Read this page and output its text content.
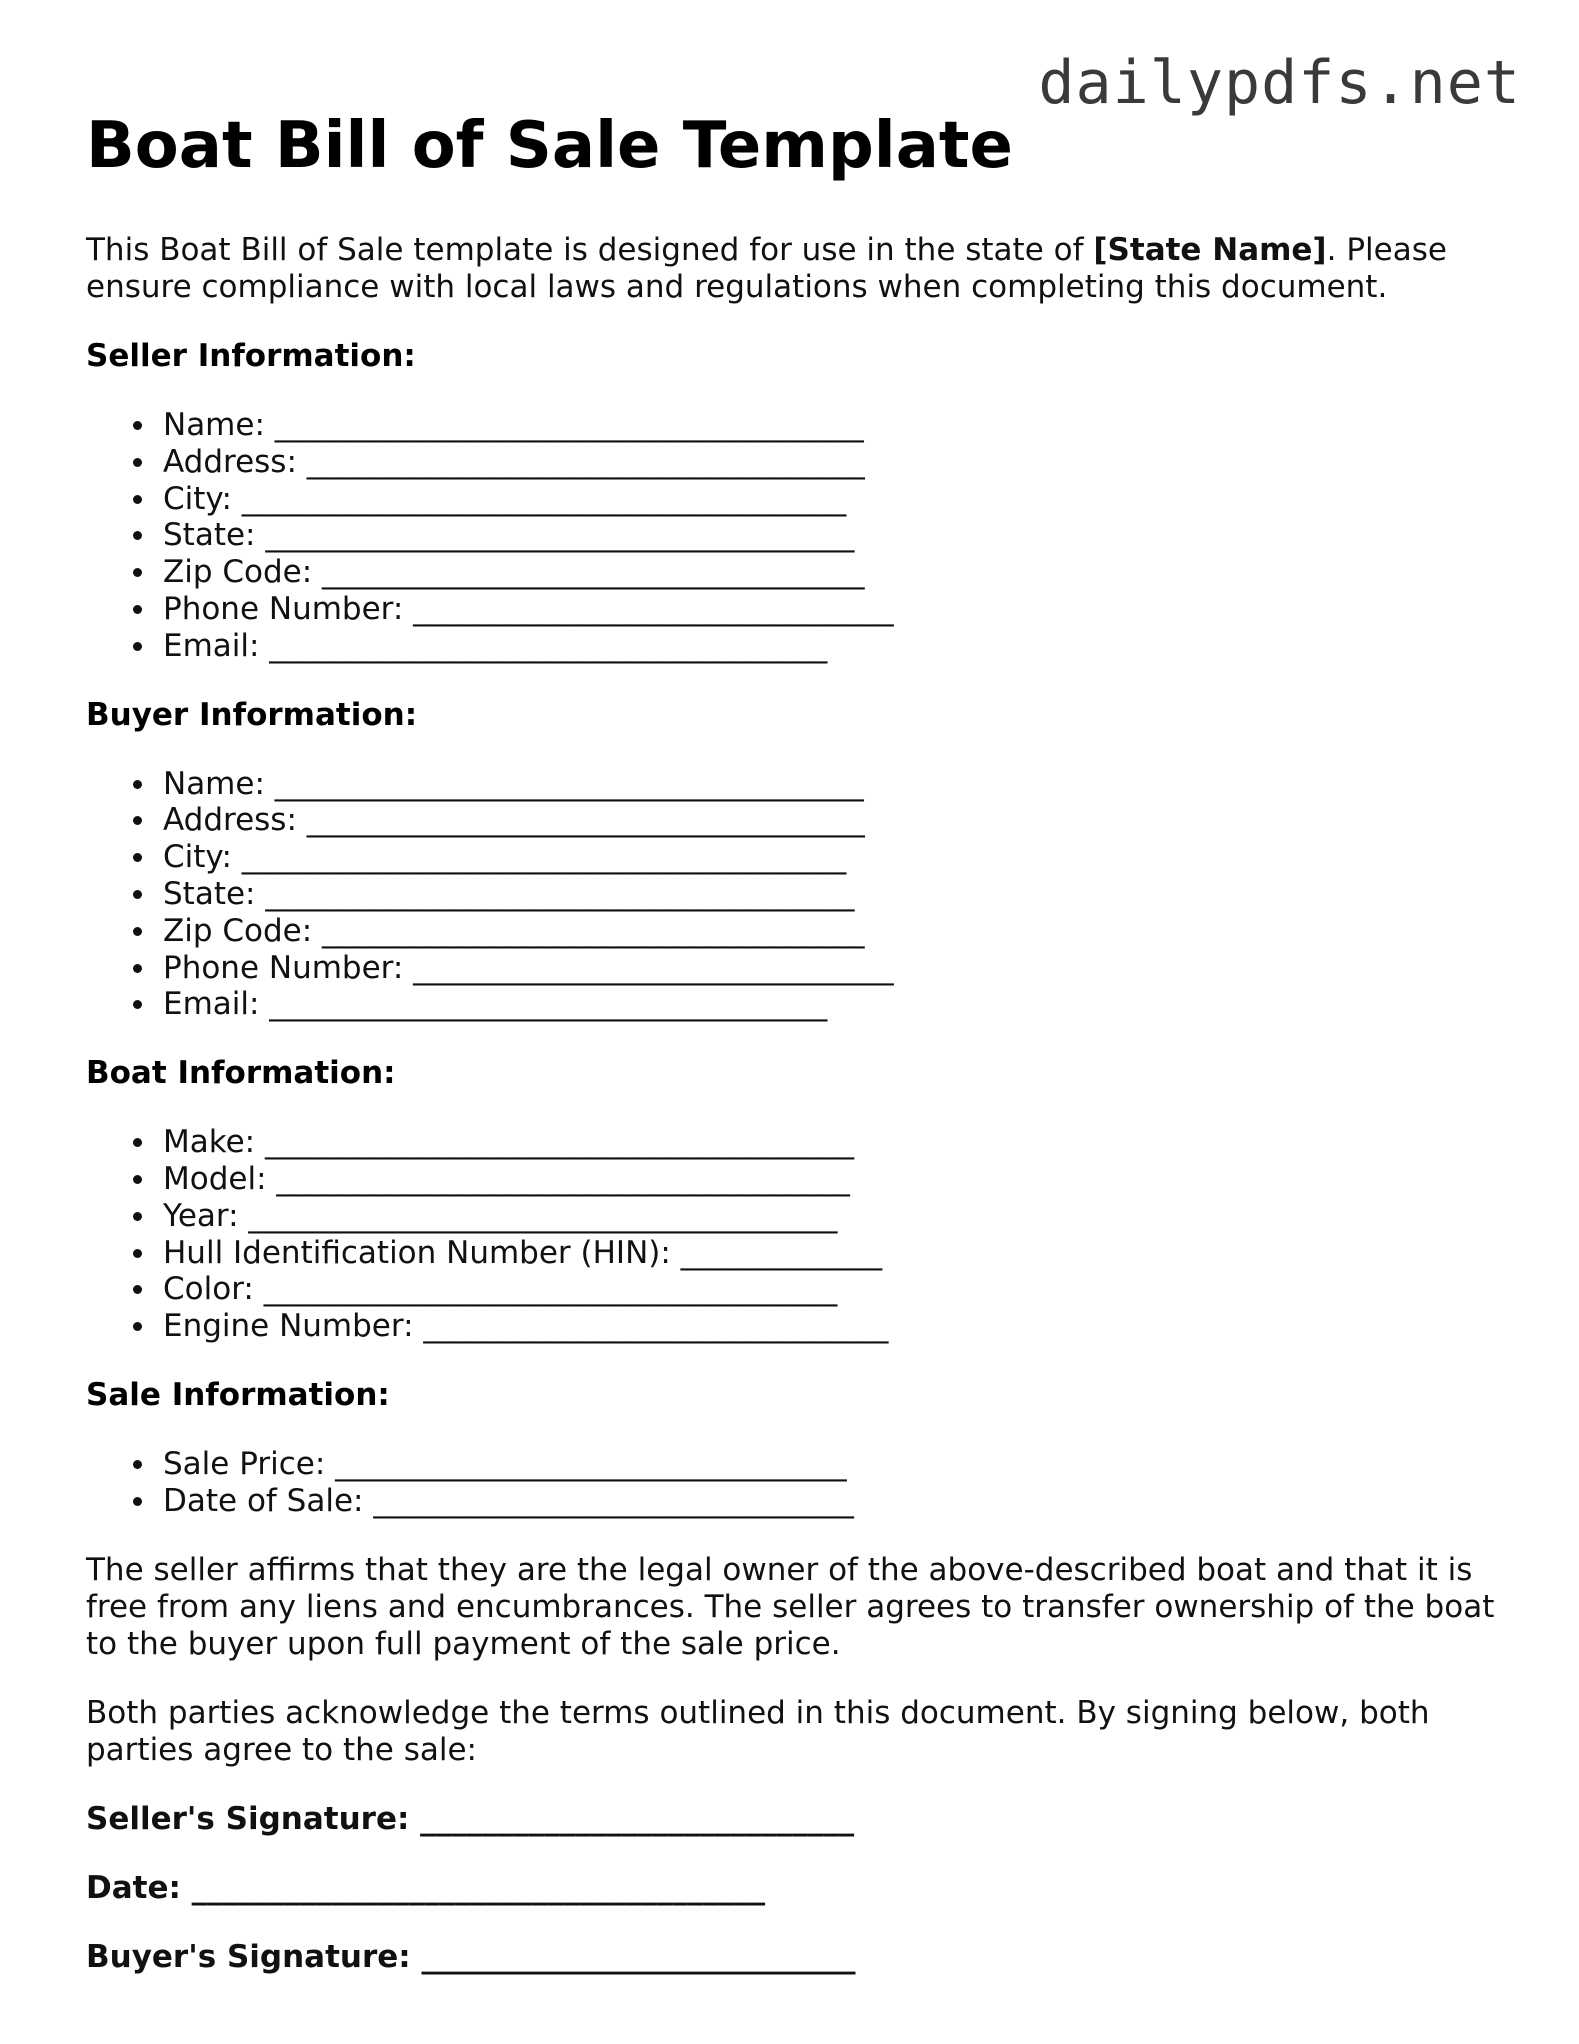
dailypdfs.net
Boat Bill of Sale Template

This Boat Bill of Sale template is designed for use in the state of [State Name]. Please ensure compliance with local laws and regulations when completing this document.

Seller Information:
Name: ______________________________________
Address: ____________________________________
City: _______________________________________
State: ______________________________________
Zip Code: ___________________________________
Phone Number: _______________________________
Email: ____________________________________
Buyer Information:
Name: ______________________________________
Address: ____________________________________
City: _______________________________________
State: ______________________________________
Zip Code: ___________________________________
Phone Number: _______________________________
Email: ____________________________________
Boat Information:
Make: ______________________________________
Model: _____________________________________
Year: ______________________________________
Hull Identification Number (HIN): _____________
Color: _____________________________________
Engine Number: ______________________________
Sale Information:
Sale Price: _________________________________
Date of Sale: _______________________________

The seller affirms that they are the legal owner of the above-described boat and that it is free from any liens and encumbrances. The seller agrees to transfer ownership of the boat to the buyer upon full payment of the sale price.

Both parties acknowledge the terms outlined in this document. By signing below, both parties agree to the sale:

Seller's Signature: ____________________________
Date: _____________________________________
Buyer's Signature: ____________________________
